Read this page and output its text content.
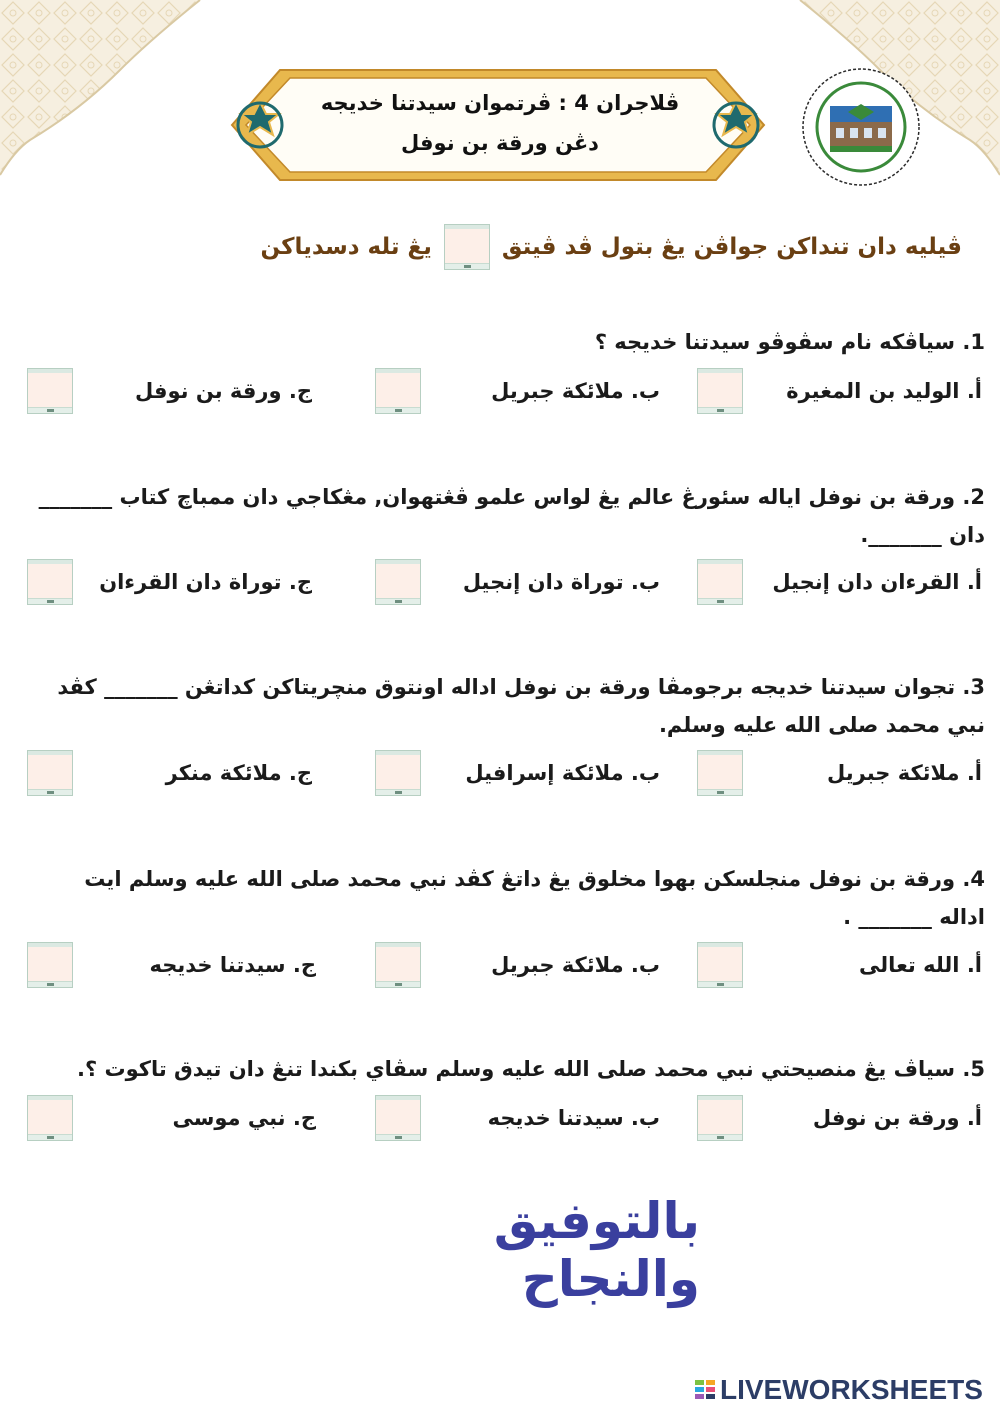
ڤلاجران 4 : ڤرتموان سيدتنا خديجه
دڠن ورقة بن نوفل
ڤيليه دان تنداكن جواڤن يڠ بتول ڤد ڤيتق
يڠ تله دسدياكن
1. سياڤكه نام سڤوڤو سيدتنا خديجه ؟
أ. الوليد بن المغيرة
ب. ملائكة جبريل
ج. ورقة بن نوفل
2. ورقة بن نوفل اياله سئورڠ عالم يڠ لواس علمو ڤڠتهوان, مڠکاجي دان ممباچ كتاب _______ دان _______.
أ. القرءان دان إنجيل
ب. توراة دان إنجيل
ج. توراة دان القرءان
3. تجوان سيدتنا خديجه برجومڤا ورقة بن نوفل اداله اونتوق منچريتاكن كداتڠن _______ كڤد نبي محمد صلى الله عليه وسلم.
أ. ملائكة جبريل
ب. ملائكة إسرافيل
ج. ملائكة منكر
4. ورقة بن نوفل منجلسكن بهوا مخلوق يڠ داتڠ كڤد نبي محمد صلى الله عليه وسلم ايت اداله _______ .
أ. الله تعالى
ب. ملائكة جبريل
ج. سيدتنا خديجه
5. سياڤ يڠ منصيحتي نبي محمد صلى الله عليه وسلم سڤاي بكندا تنڠ دان تيدق تاكوت ؟.
أ. ورقة بن نوفل
ب. سيدتنا خديجه
ج. نبي موسى
بالتوفيق والنجاح
LIVEWORKSHEETS
